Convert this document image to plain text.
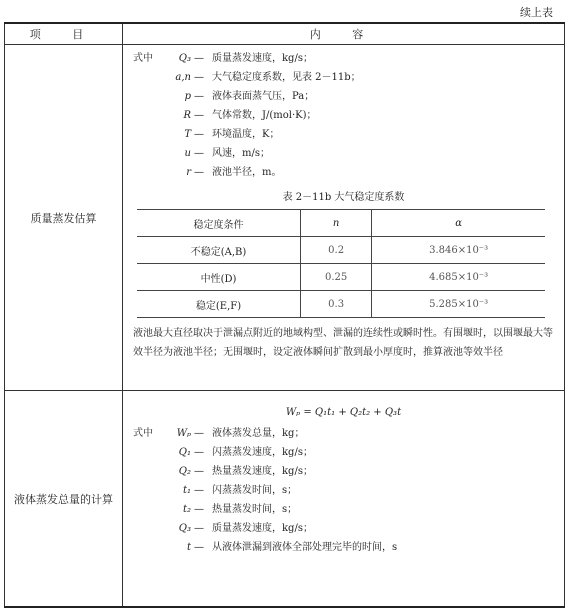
续上表
项 目	内 容
质量蒸发估算	
式中	Q₃ — 质量蒸发速度，kg/s；
a,n — 大气稳定度系数，见表 2－11b；
p — 液体表面蒸气压，Pa；
R — 气体常数，J/(mol·K)；
T — 环境温度，K；
u — 风速，m/s；
r — 液池半径，m。
表 2－11b 大气稳定度系数
稳定度条件	n	α
不稳定(A,B)	0.2	3.846×10⁻³
中性(D)	0.25	4.685×10⁻³
稳定(E,F)	0.3	5.285×10⁻³
液池最大直径取决于泄漏点附近的地域构型、泄漏的连续性或瞬时性。有围堰时，以围堰最大等效半径为液池半径；无围堰时，设定液体瞬间扩散到最小厚度时，推算液池等效半径

液体蒸发总量的计算	
Wₚ = Q₁t₁ + Q₂t₂ + Q₃t
式中	Wₚ — 液体蒸发总量，kg；
Q₁ — 闪蒸蒸发速度，kg/s；
Q₂ — 热量蒸发速度，kg/s；
t₁ — 闪蒸蒸发时间，s；
t₂ — 热量蒸发时间，s；
Q₃ — 质量蒸发速度，kg/s；
t — 从液体泄漏到液体全部处理完毕的时间，s
